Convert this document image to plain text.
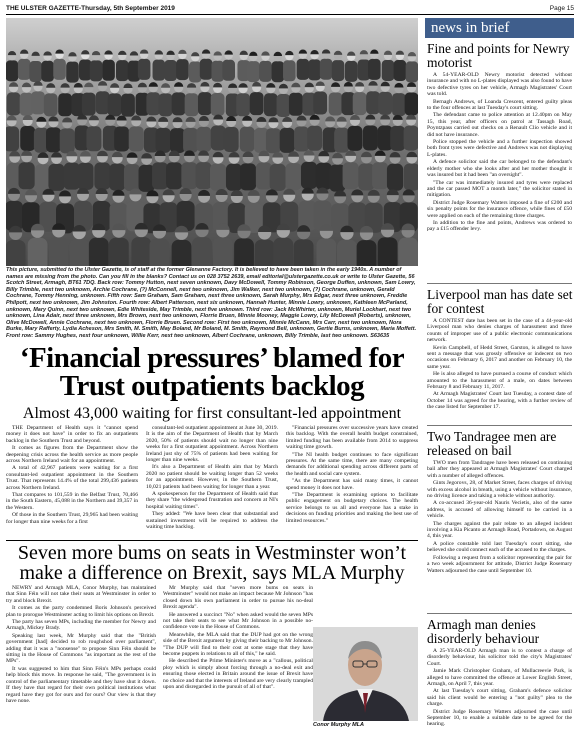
THE ULSTER GAZETTE-Thursday, 5th September 2019	Page 15
This picture, submitted to the Ulster Gazette, is of staff at the former Glenanne Factory. It is believed to have been taken in the early 1940s. A number of names are missing from the photo. Can you fill in the blanks? Contact us on 028 3752 2639, email editorial@ulstergazette.co.uk or write to Ulster Gazette, 56 Scotch Street, Armagh, BT61 7DQ. Back row: Tommy Hutton, next seven unknown, Davy McDowell, Tommy Robinson, George Duffen, unknown, Sam Lowry, Billy Trimble, next two unknown, Archie Cochrane, (?) McConnell, next two unknown, Jim Walker, next two unknown, (?) Cochrane, unknown, Gerald Cochrane, Tommy Henning, unknown. Fifth row: Sam Graham, Sam Graham, next three unknown, Sarah Murphy, Mrs Edgar, next three unknown, Freddie Philpott, next two unknown, Jim Johnston. Fourth row: Albert Patterson, next six unknown, Hannah Hunter, Minnie Lowry, unknown, Kathleen McParland, unknown, Mary Quinn, next two unknown, Edie Whiteside, May Trimble, next five unknown. Third row: Jack McWhirter, unknown, Muriel Lockhart, next two unknown, Lina Adair, next three unknown, Mrs Brown, next two unknown, Florrie Bruen, Minnie Mooney, Maggie Lowry, Lily McDowell (Roberts), unknown, Olive McDowell, Annie Cochrane, next two unknown, Florrie Bruen. Second row: First two unknown, Minnie McCann, Mrs Carr, next two unknown, Nora Burke, Mary Rafferty, Lydia Acheson, Mrs Smith, M. Smith, May Boland, Mr Boland, M. Smith, Raymond Bell, unknown, Gertie Burns, unknown, Maria Moffett. Front row: Sammy Hughes, next four unknown, Willie Kerr, next two unknown, Albert Cochrane, unknown, Billy Trimble, last two unknown. S63635
‘Financial pressures’ blamed for Trust outpatients backlog
Almost 43,000 waiting for first consultant-led appointment

THE Department of Health says it "cannot spend money it does not have" in order to fix an outpatients backlog in the Southern Trust and beyond.

It comes as figures from the Department show the deepening crisis across the health service as more people across Northern Ireland wait for an appointment.

A total of 42,967 patients were waiting for a first consultant-led outpatient appointment in the Southern Trust. That represents 14.4% of the total 299,436 patients across Northern Ireland.

That compares to 101,559 in the Belfast Trust, 70,466 in the South Eastern, 45,088 in the Northern and 39,357 in the Western.

Of those in the Southern Trust, 29,965 had been waiting for longer than nine weeks for a first

consultant-led outpatient appointment at June 30, 2019. It is the aim of the Department of Health that by March 2020, 50% of patients should wait no longer than nine weeks for a first outpatient appointment. Across Northern Ireland just shy of 75% of patients had been waiting for longer than nine weeks.

It's also a Department of Health aim that by March 2020 no patient should be waiting longer than 52 weeks for an appointment. However, in the Southern Trust, 10,021 patients had been waiting for longer than a year.

A spokesperson for the Department of Health said that they share "the widespread frustration and concern at NI's hospital waiting times".

They added: "We have been clear that substantial and sustained investment will be required to address the waiting time backlog.

"Financial pressures over successive years have created this backlog. With the overall health budget constrained, limited funding has been available from 2014 to suppress waiting time growth.

"The NI health budget continues to face significant pressures. At the same time, there are many competing demands for additional spending across different parts of the health and social care system.

"As the Department has said many times, it cannot spend money it does not have.

"The Department is examining options to facilitate public engagement on budgetary choices. The health service belongs to us all and everyone has a stake in decisions on funding priorities and making the best use of limited resources."

Seven more bums on seats in Westminster won’t make a difference on Brexit, says MLA Murphy

NEWRY and Armagh MLA, Conor Murphy, has maintained that Sinn Féin will not take their seats at Westminster in order to try and block Brexit.

It comes as the party condemned Boris Johnson's perceived plan to prorogue Westminster acting to limit his options on Brexit.

The party has seven MPs, including the member for Newry and Armagh, Mickey Brady.

Speaking last week, Mr Murphy said that the "British government [had] decided to rob roughshod over parliament", adding that it was a "nonsense" to propose Sinn Féin should be sitting in the House of Commons "as important as the rest of the MPs".

It was suggested to him that Sinn Féin's MPs perhaps could help block this move. In response he said, "The government is in control of the parliamentary timetable and they have shut it down. If they have that regard for their own political institutions what regard have they got for ours and for ours? Our view is that they have none.

Mr Murphy said that "seven more bums on seats in Westminster" would not make an impact because Mr Johnson "has closed down his own parliament in order to pursue his no-deal Brexit agenda".

He answered a succinct "No" when asked would the seven MPs not take their seats to see what Mr Johnson in a possible no-confidence vote in the House of Commons.

Meanwhile, the MLA said that the DUP had got on the wrong side of the Brexit argument by giving their backing to Mr Johnson. "The DUP will find to their cost at some stage that they have become puppets in relations to all of this," he said.

He described the Prime Minister's move as a "callous, political ploy which is simply about forcing through a no-deal exit and ensuring those elected in Britain around the issue of Brexit have no choice and that the interests of Ireland are very clearly trampled upon and disregarded in the pursuit of all of that".

Conor Murphy MLA
news in brief
Fine and points for Newry motorist

A 54-YEAR-OLD Newry motorist detected without insurance and with no L-plates displayed was also found to have two defective tyres on her vehicle, Armagh Magistrates' Court was told.

Bernagh Andrews, of Loanda Crescent, entered guilty pleas to the four offences at last Tuesday's court sitting.

The defendant came to police attention at 12.40pm on May 15, this year, after officers on patrol at Tassagh Road, Poyntzpass carried out checks on a Renault Clio vehicle and it did not have insurance.

Police stopped the vehicle and a further inspection showed both front tyres were defective and Andrews was not displaying L-plates.

A defence solicitor said the car belonged to the defendant's elderly mother who she looks after and her mother thought it was insured but it had been "an oversight".

"The car was immediately insured and tyres were replaced and the car passed MOT a month later," the solicitor stated in mitigation.

District Judge Rosemary Watters imposed a fine of £200 and six penalty points for the insurance offence, while fines of £50 were applied on each of the remaining three charges.

In addition to the fine and points, Andrews was ordered to pay a £15 offender levy.

Liverpool man has date set for contest

A CONTEST date has been set in the case of a 44-year-old Liverpool man who denies charges of harassment and three counts of improper use of a public electronic communications network.

Kevin Campbell, of Hedd Street, Garston, is alleged to have sent a message that was grossly offensive or indecent on two occasions on February 6, 2017 and another on February 10, the same year.

He is also alleged to have pursued a course of conduct which amounted to the harassment of a male, on dates between February 8 and February 11, 2017.

At Armagh Magistrates' Court last Tuesday, a contest date of October 14 was agreed for the hearing, with a further review of the case listed for September 17.

Two Tandragee men are released on bail

TWO men from Tandragee have been released on continuing bail after they appeared at Armagh Magistrates' Court charged with a number of alleged offences.

Gints Jegorovs, 28, of Market Street, faces charges of driving with excess alcohol in breath, using a vehicle without insurance, no driving licence and taking a vehicle without authority.

A co-accused 36-year-old Nauris Vecietis, also of the same address, is accused of allowing himself to be carried in a vehicle.

The charges against the pair relate to an alleged incident involving a Kia Picanto at Armagh Road, Portadown, on August 4, this year.

A police constable told last Tuesday's court sitting, she believed she could connect each of the accused to the charges.

Following a request from a solicitor representing the pair for a two week adjournment for attitude, District Judge Rosemary Watters adjourned the case until September 10.

Armagh man denies disorderly behaviour

A 25-YEAR-OLD Armagh man is to contest a charge of disorderly behaviour, his solicitor told the city's Magistrates' Court.

Jamie Mark Christopher Graham, of Mullacreevie Park, is alleged to have committed the offence at Lower English Street, Armagh, on April 7, this year.

At last Tuesday's court sitting, Graham's defence solicitor said his client would be entering a "not guilty" plea to the charge.

District Judge Rosemary Watters adjourned the case until September 10, to enable a suitable date to be agreed for the hearing.
